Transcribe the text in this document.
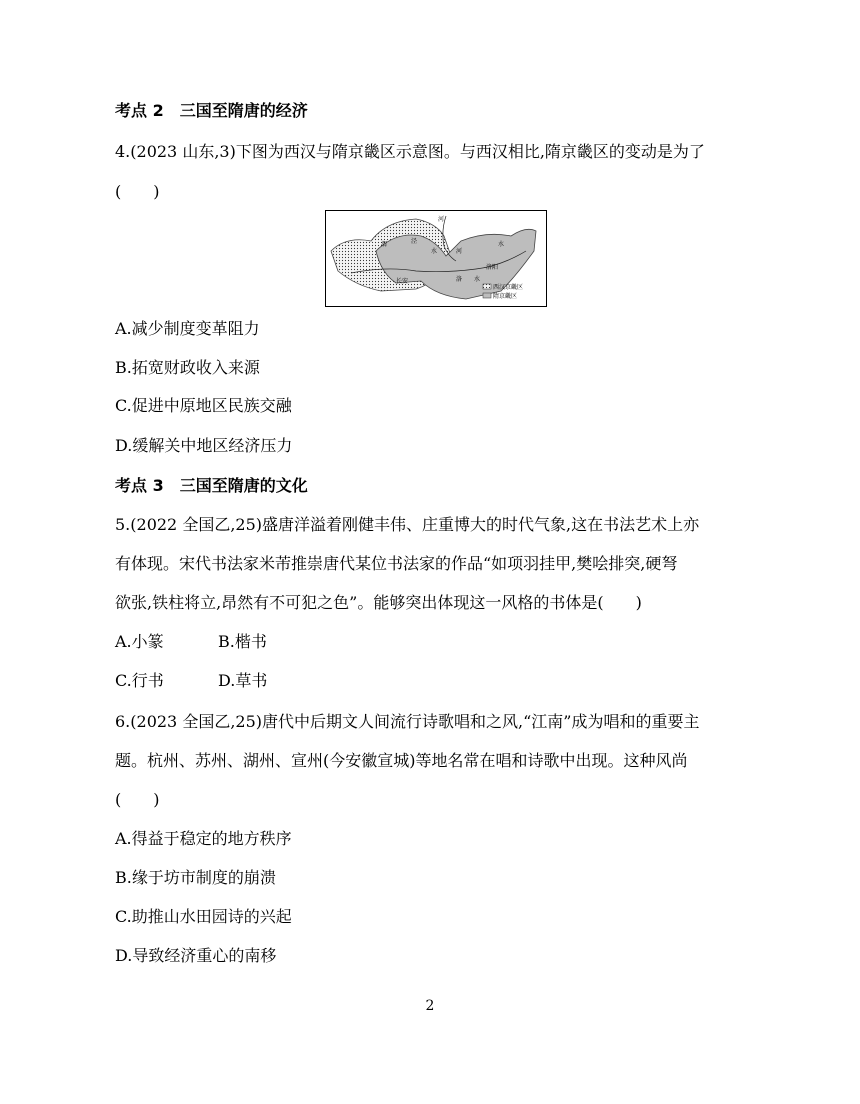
考点 2　三国至隋唐的经济
4.(2023 山东,3)下图为西汉与隋京畿区示意图。与西汉相比,隋京畿区的变动是为了
(　　)
河
渭	泾
长安	洛 水
河
水
洛阳
水
西汉京畿区
隋京畿区
A.减少制度变革阻力
B.拓宽财政收入来源
C.促进中原地区民族交融
D.缓解关中地区经济压力
考点 3　三国至隋唐的文化
5.(2022 全国乙,25)盛唐洋溢着刚健丰伟、庄重博大的时代气象,这在书法艺术上亦
有体现。宋代书法家米芾推崇唐代某位书法家的作品“如项羽挂甲,樊哙排突,硬弩
欲张,铁柱将立,昂然有不可犯之色”。能够突出体现这一风格的书体是(　　)
A.小篆	B.楷书
C.行书	D.草书
6.(2023 全国乙,25)唐代中后期文人间流行诗歌唱和之风,“江南”成为唱和的重要主
题。杭州、苏州、湖州、宣州(今安徽宣城)等地名常在唱和诗歌中出现。这种风尚
(　　)
A.得益于稳定的地方秩序
B.缘于坊市制度的崩溃
C.助推山水田园诗的兴起
D.导致经济重心的南移
2
